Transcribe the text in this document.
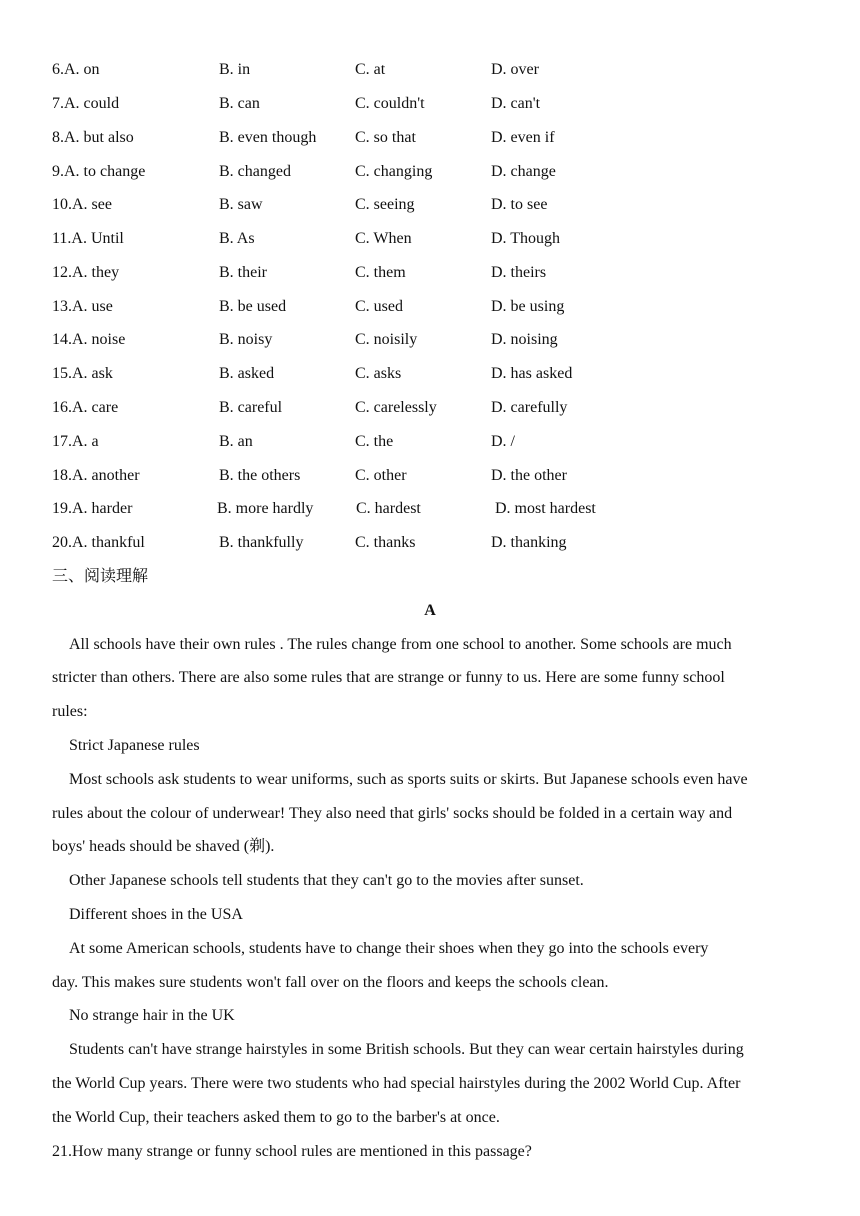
6.A. on	B. in	C. at	D. over
7.A. could	B. can	C. couldn't	D. can't
8.A. but also	B. even though C. so that	D. even if
9.A. to change	B. changed	C. changing	D. change
10.A. see	B. saw	C. seeing	D. to see
11.A. Until	B. As	C. When	D. Though
12.A. they	B. their	C. them	D. theirs
13.A. use	B. be used	C. used	D. be using
14.A. noise	B. noisy	C. noisily	D. noising
15.A. ask	B. asked	C. asks	D. has asked
16.A. care	B. careful	C. carelessly	D. carefully
17.A. a	B. an	C. the	D. /
18.A. another	B. the others	C. other	D. the other
19.A. harder	B. more hardly	C. hardest	D. most hardest
20.A. thankful	B. thankfully	C. thanks	D. thanking
三、阅读理解
A
All schools have their own rules . The rules change from one school to another. Some schools are much
stricter than others. There are also some rules that are strange or funny to us. Here are some funny school
rules:
Strict Japanese rules
Most schools ask students to wear uniforms, such as sports suits or skirts. But Japanese schools even have
rules about the colour of underwear! They also need that girls' socks should be folded in a certain way and
boys' heads should be shaved (剃).
Other Japanese schools tell students that they can't go to the movies after sunset.
Different shoes in the USA
At some American schools, students have to change their shoes when they go into the schools every
day. This makes sure students won't fall over on the floors and keeps the schools clean.
No strange hair in the UK
Students can't have strange hairstyles in some British schools. But they can wear certain hairstyles during
the World Cup years. There were two students who had special hairstyles during the 2002 World Cup. After
the World Cup, their teachers asked them to go to the barber's at once.
21.How many strange or funny school rules are mentioned in this passage?
